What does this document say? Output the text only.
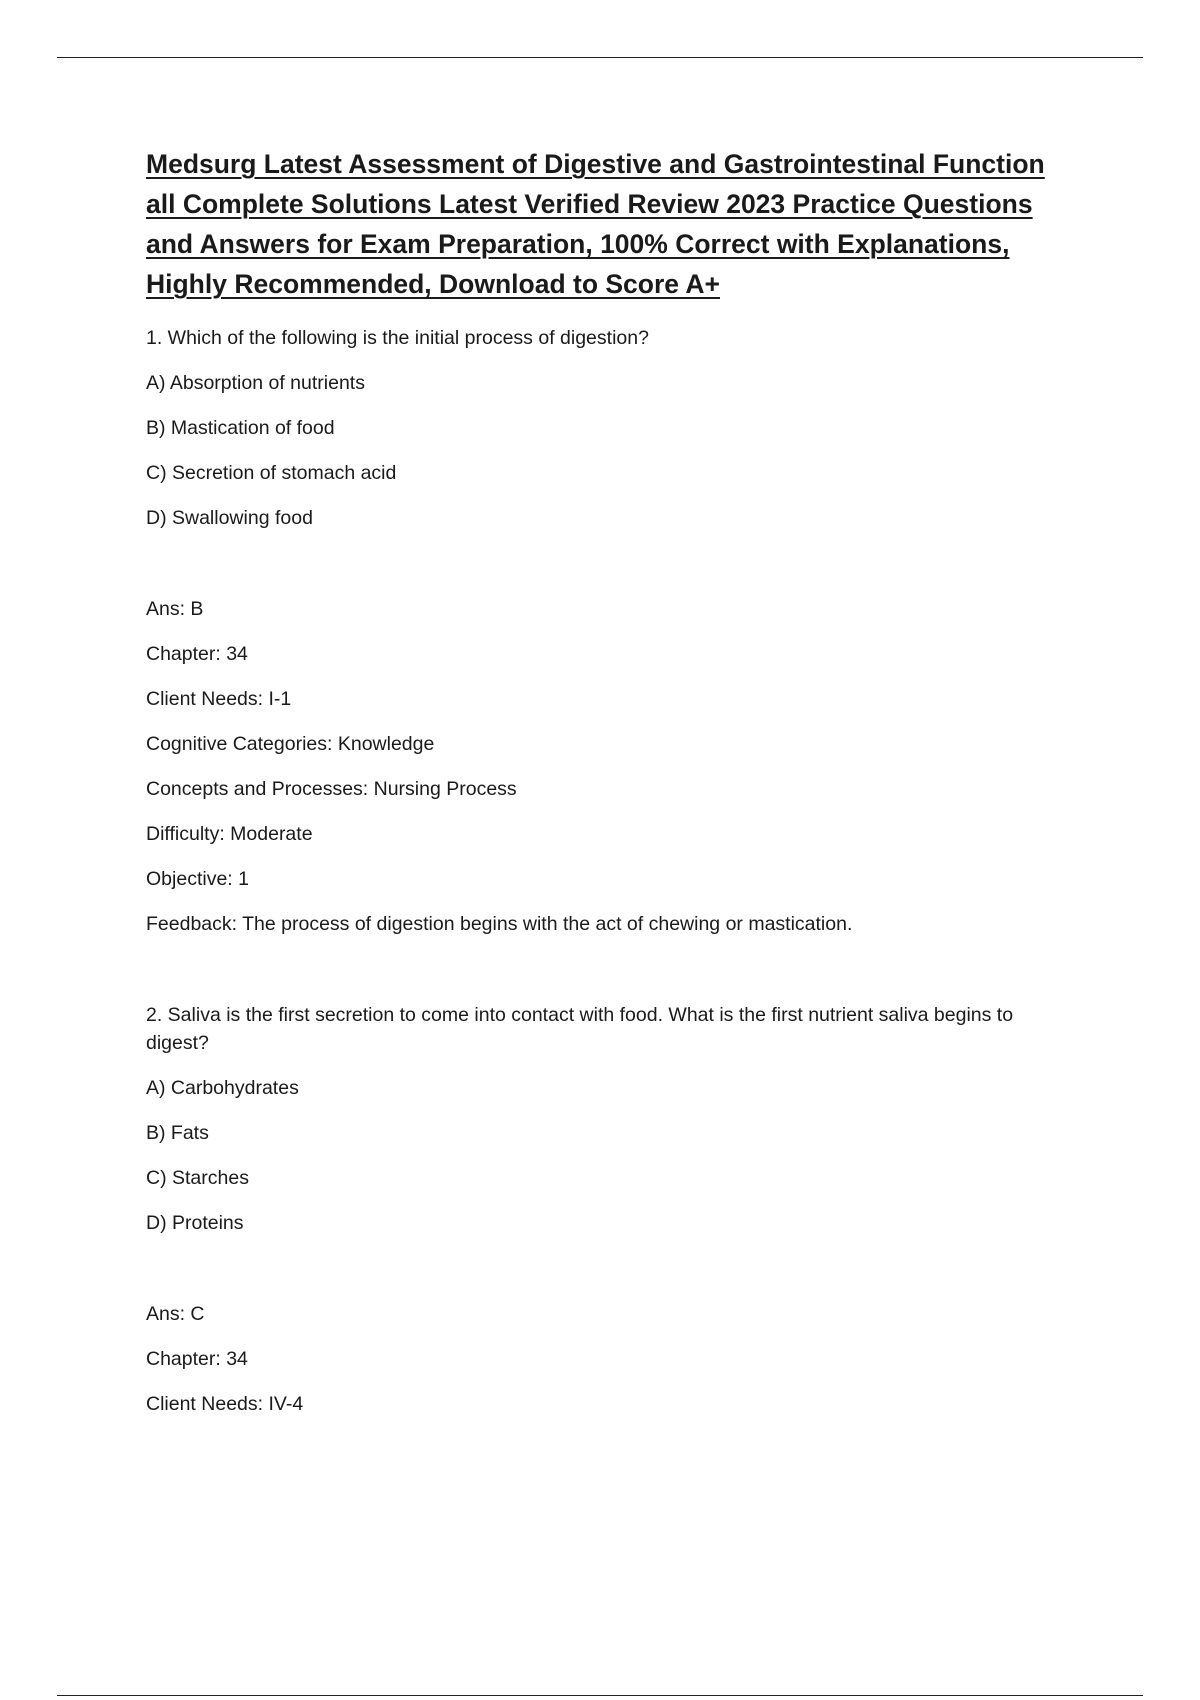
Medsurg Latest Assessment of Digestive and Gastrointestinal Function all Complete Solutions Latest Verified Review 2023 Practice Questions and Answers for Exam Preparation, 100% Correct with Explanations, Highly Recommended, Download to Score A+

1. Which of the following is the initial process of digestion?

A) Absorption of nutrients

B) Mastication of food

C) Secretion of stomach acid

D) Swallowing food

Ans: B

Chapter: 34

Client Needs: I-1

Cognitive Categories: Knowledge

Concepts and Processes: Nursing Process

Difficulty: Moderate

Objective: 1

Feedback: The process of digestion begins with the act of chewing or mastication.

2. Saliva is the first secretion to come into contact with food. What is the first nutrient saliva begins to digest?

A) Carbohydrates

B) Fats

C) Starches

D) Proteins

Ans: C

Chapter: 34

Client Needs: IV-4
